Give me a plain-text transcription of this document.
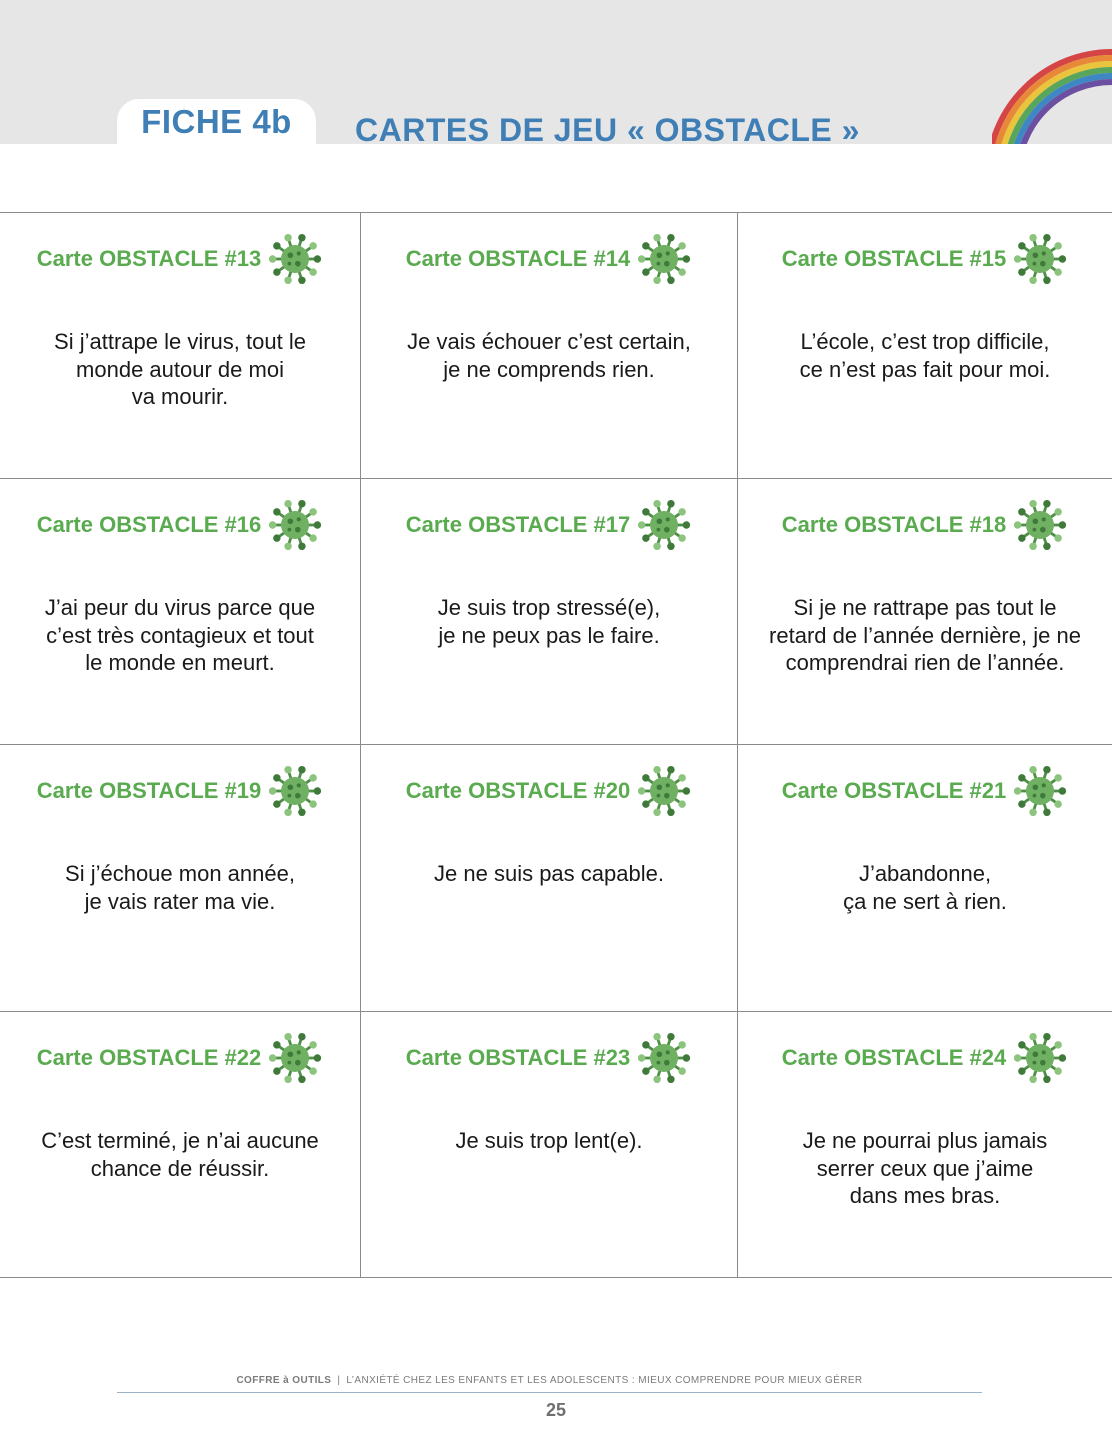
FICHE 4b	CARTES DE JEU « OBSTACLE »
Carte OBSTACLE #13
Si j’attrape le virus, tout le
monde autour de moi
va mourir.
Carte OBSTACLE #14
Je vais échouer c’est certain,
je ne comprends rien.
Carte OBSTACLE #15
L’école, c’est trop difficile,
ce n’est pas fait pour moi.
Carte OBSTACLE #16
J’ai peur du virus parce que
c’est très contagieux et tout
le monde en meurt.
Carte OBSTACLE #17
Je suis trop stressé(e),
je ne peux pas le faire.
Carte OBSTACLE #18
Si je ne rattrape pas tout le
retard de l’année dernière, je ne
comprendrai rien de l’année.
Carte OBSTACLE #19
Si j’échoue mon année,
je vais rater ma vie.
Carte OBSTACLE #20
Je ne suis pas capable.
Carte OBSTACLE #21
J’abandonne,
ça ne sert à rien.
Carte OBSTACLE #22
C’est terminé, je n’ai aucune
chance de réussir.
Carte OBSTACLE #23
Je suis trop lent(e).
Carte OBSTACLE #24
Je ne pourrai plus jamais
serrer ceux que j’aime
dans mes bras.
COFFRE à OUTILS | L’ANXIÉTÉ CHEZ LES ENFANTS ET LES ADOLESCENTS : MIEUX COMPRENDRE POUR MIEUX GÉRER
25
